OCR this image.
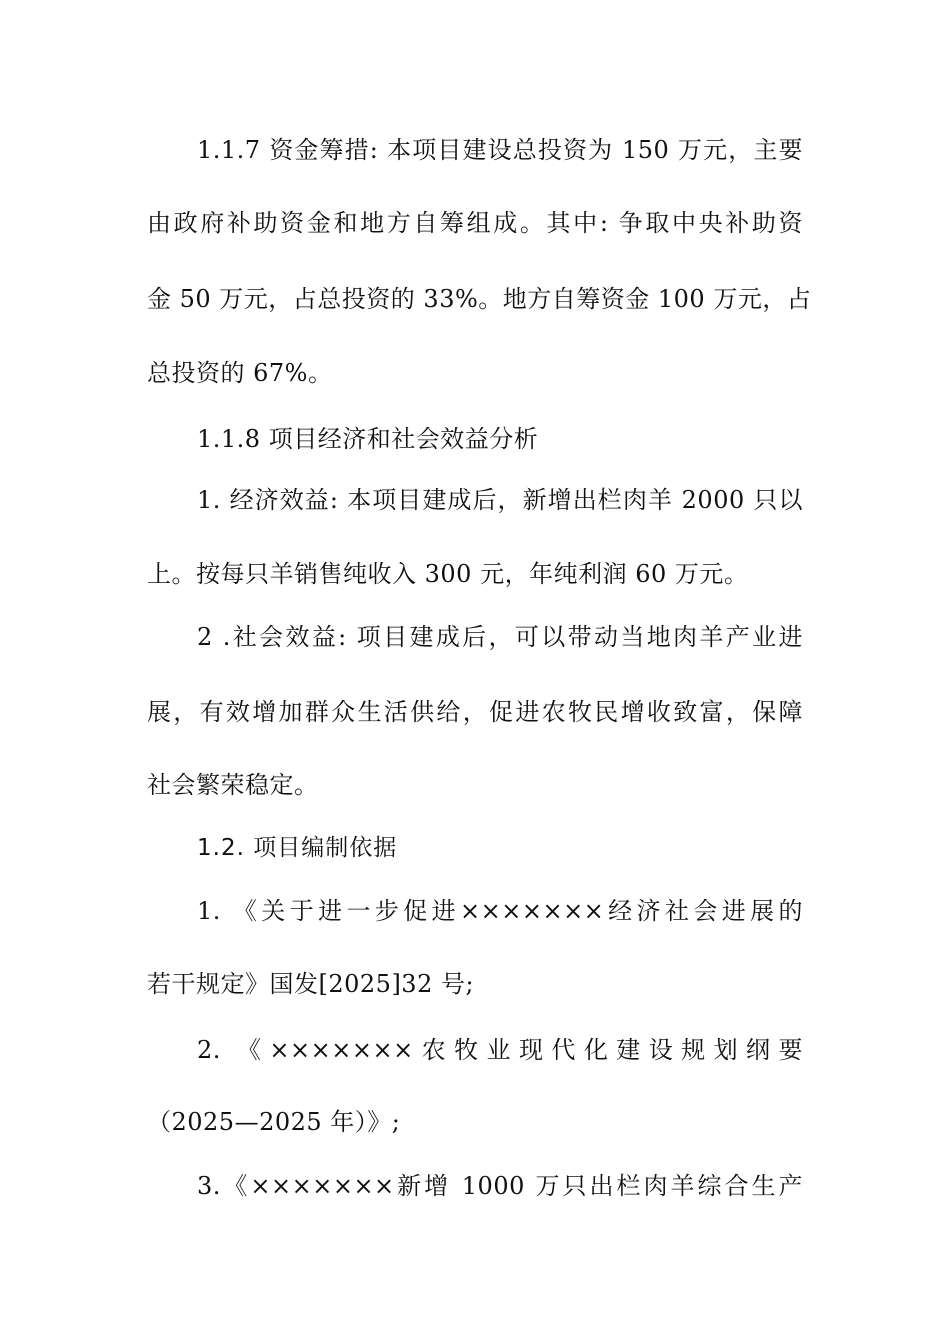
1.1.7 资金筹措: 本项目建设总投资为 150 万元，主要
由政府补助资金和地方自筹组成。其中: 争取中央补助资
金 50 万元，占总投资的 33%。地方自筹资金 100 万元，占
总投资的 67%。
1.1.8 项目经济和社会效益分析
1. 经济效益: 本项目建成后，新增出栏肉羊 2000 只以
上。按每只羊销售纯收入 300 元，年纯利润 60 万元。
2 .社会效益: 项目建成后，可以带动当地肉羊产业进
展，有效增加群众生活供给，促进农牧民增收致富，保障
社会繁荣稳定。
1.2. 项目编制依据
1. 《关于进一步促进×××××××经济社会进展的
若干规定》国发[2025]32 号;
2. 《×××××××农牧业现代化建设规划纲要
（2025—2025 年）》;
3.《×××××××新增 1000 万只出栏肉羊综合生产
